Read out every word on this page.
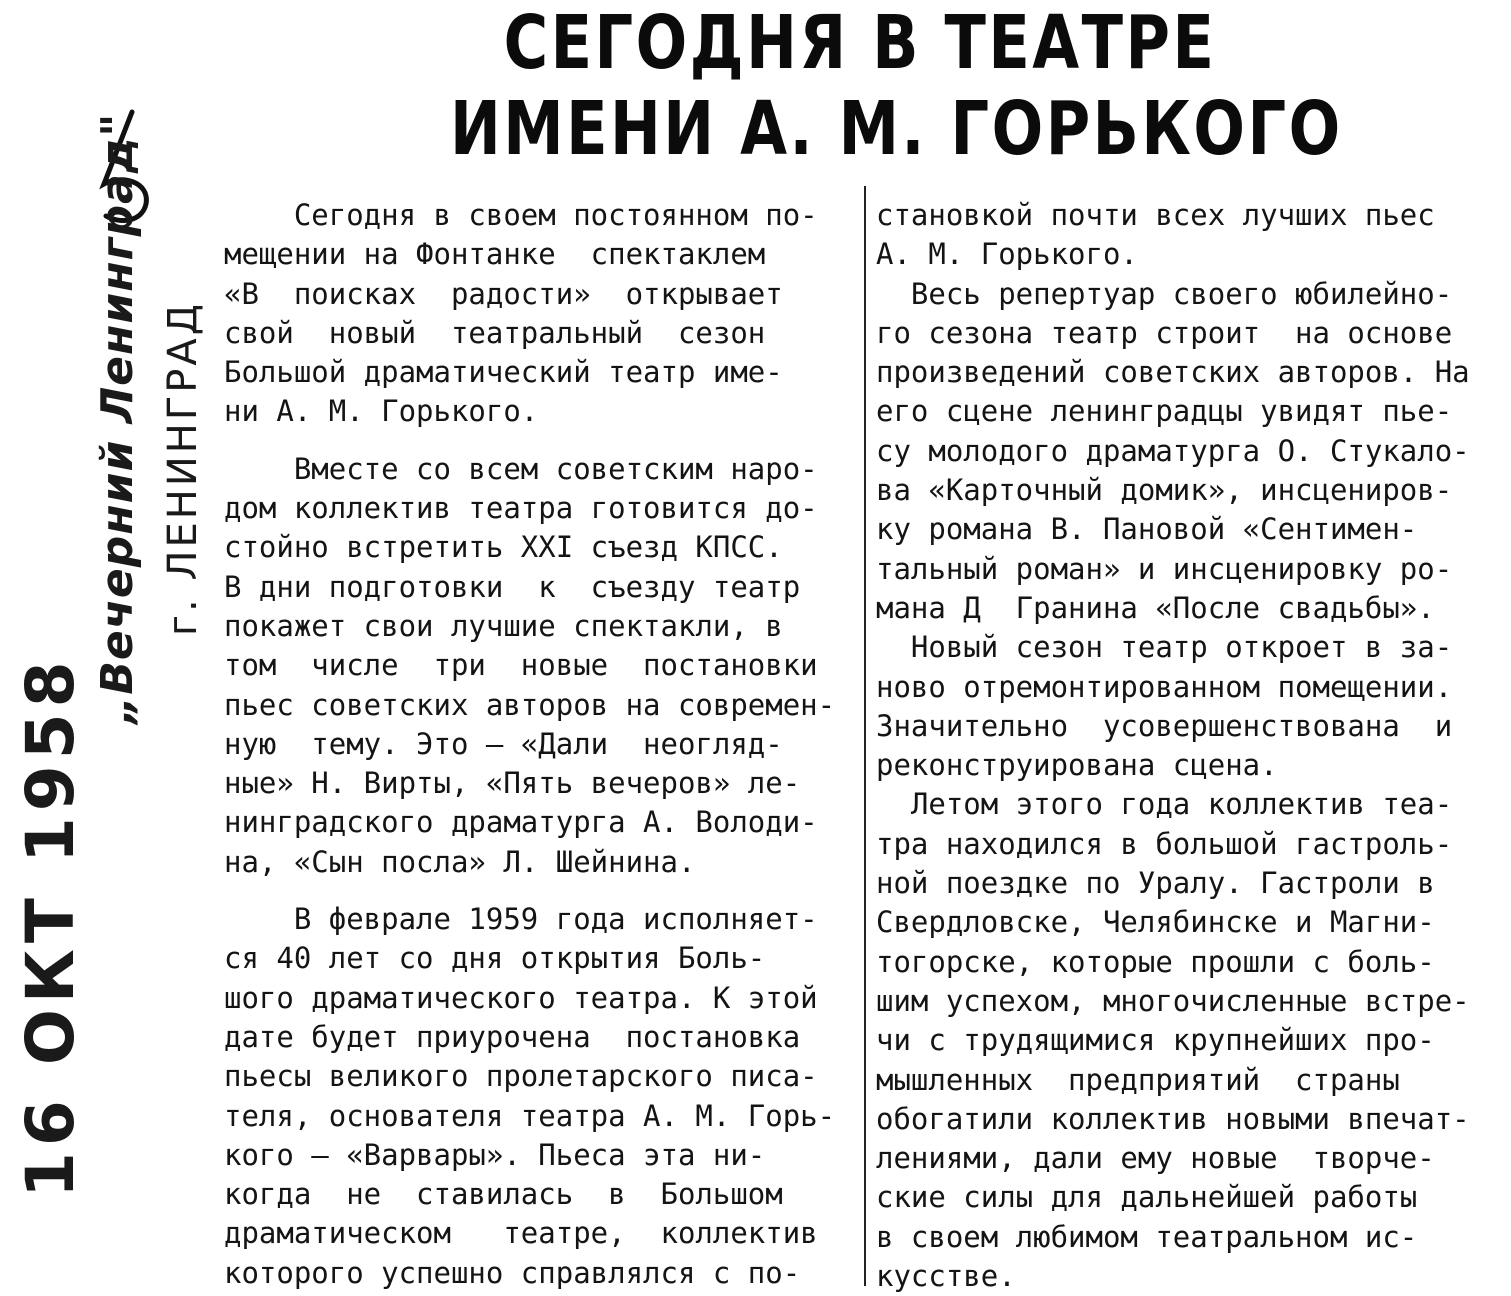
СЕГОДНЯ В ТЕАТРЕ
ИМЕНИ А. М. ГОРЬКОГО
16 ОКТ 1958
„Вечерний Ленинград" г. ЛЕНИНГРАД

Сегодня в своем постоянном по-
мещении на Фонтанке  спектаклем
«В  поисках  радости»  открывает
свой  новый  театральный  сезон
Большой драматический театр име-
ни А. М. Горького.

Вместе со всем советским наро-
дом коллектив театра готовится до-
стойно встретить XXI съезд КПСС.
В дни подготовки  к  съезду театр
покажет свои лучшие спектакли, в
том  числе  три  новые  постановки
пьес советских авторов на современ-
ную  тему. Это — «Дали  неогляд-
ные» Н. Вирты, «Пять вечеров» ле-
нинградского драматурга А. Володи-
на, «Сын посла» Л. Шейнина.

В феврале 1959 года исполняет-
ся 40 лет со дня открытия Боль-
шого драматического театра. К этой
дате будет приурочена  постановка
пьесы великого пролетарского писа-
теля, основателя театра А. М. Горь-
кого — «Варвары». Пьеса эта ни-
когда  не  ставилась  в  Большом
драматическом   театре,  коллектив
которого успешно справлялся с по-

становкой почти всех лучших пьес
А. М. Горького.

Весь репертуар своего юбилейно-
го сезона театр строит  на основе
произведений советских авторов. На
его сцене ленинградцы увидят пье-
су молодого драматурга О. Стукало-
ва «Карточный домик», инсцениров-
ку романа В. Пановой «Сентимен-
тальный роман» и инсценировку ро-
мана Д  Гранина «После свадьбы».

Новый сезон театр откроет в за-
ново отремонтированном помещении.
Значительно  усовершенствована  и
реконструирована сцена.

Летом этого года коллектив теа-
тра находился в большой гастроль-
ной поездке по Уралу. Гастроли в
Свердловске, Челябинске и Магни-
тогорске, которые прошли с боль-
шим успехом, многочисленные встре-
чи с трудящимися крупнейших про-
мышленных  предприятий  страны
обогатили коллектив новыми впечат-
лениями, дали ему новые  творче-
ские силы для дальнейшей работы
в своем любимом театральном ис-
кусстве.
